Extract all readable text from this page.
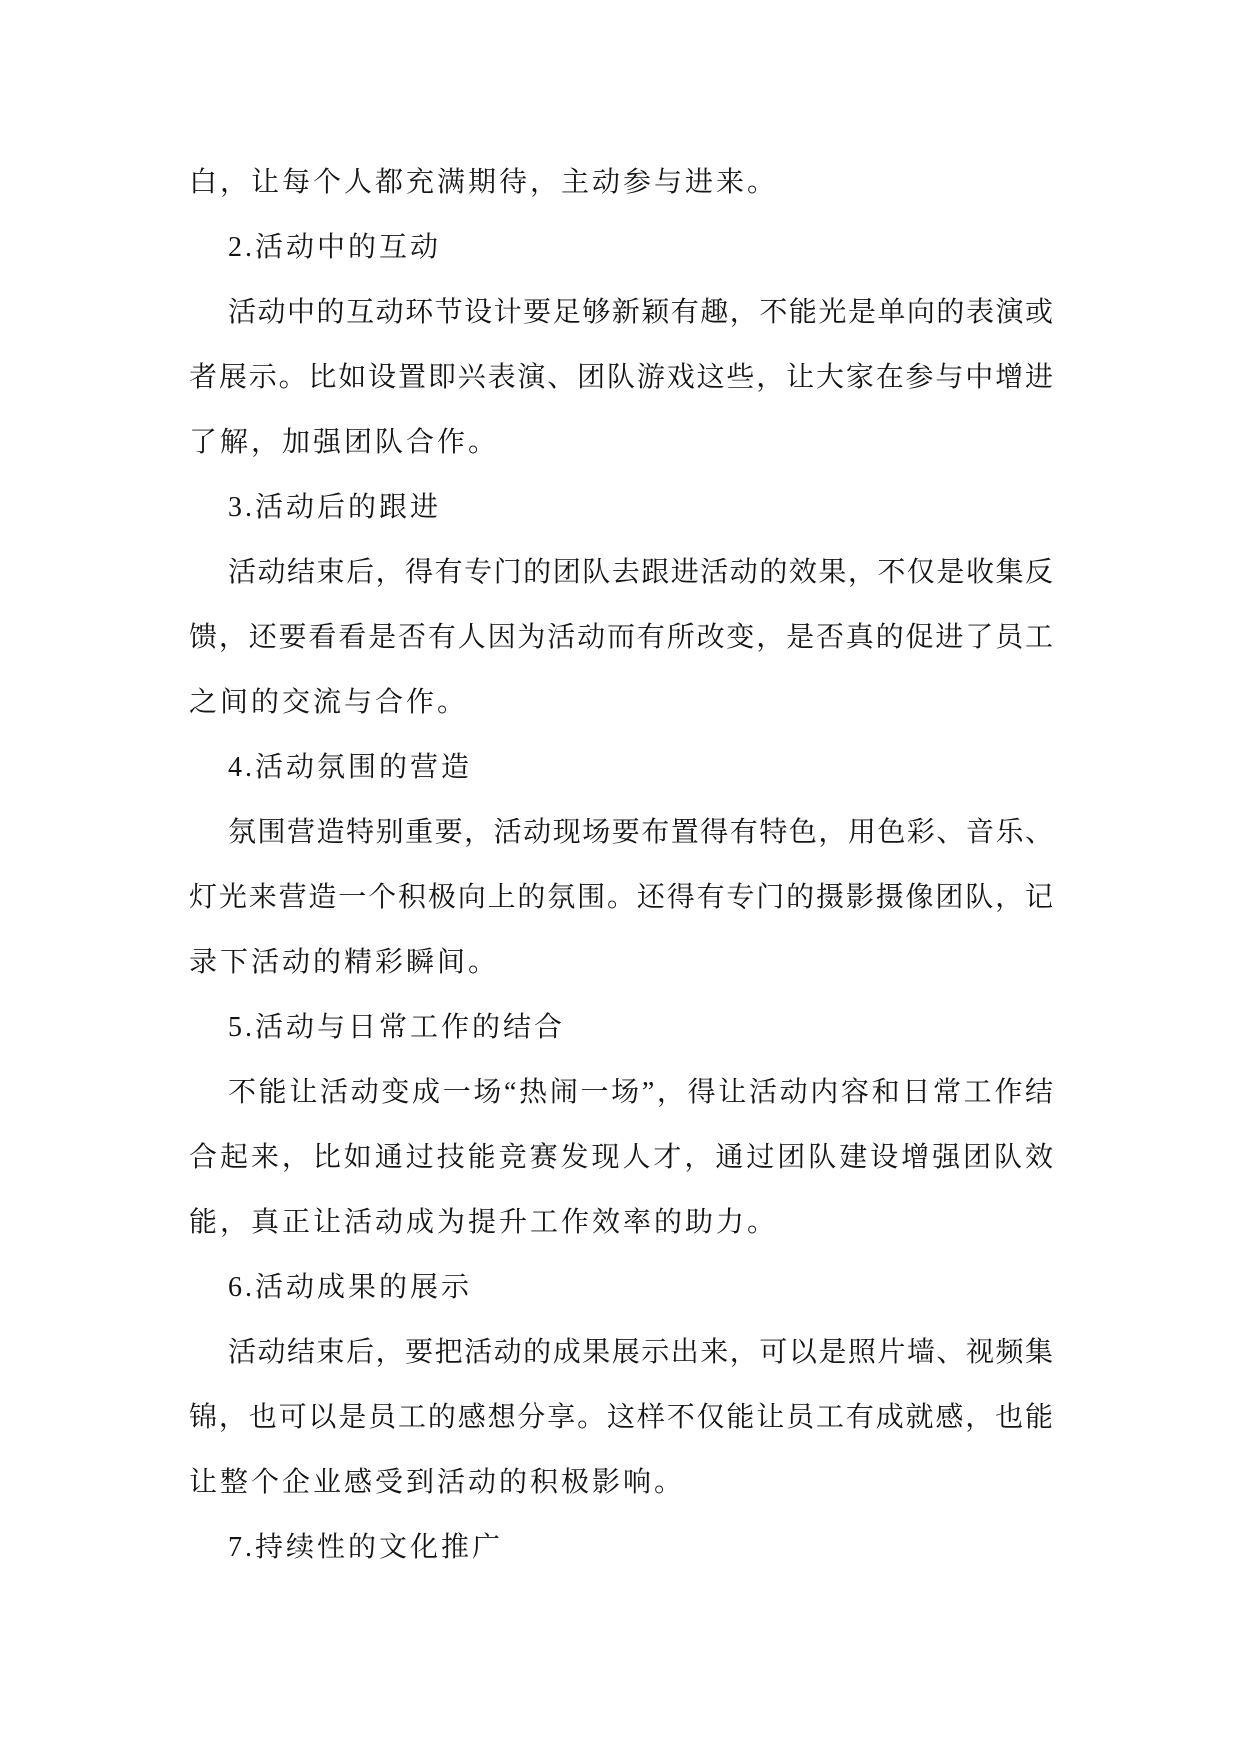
白，让每个人都充满期待，主动参与进来。
2.活动中的互动
活动中的互动环节设计要足够新颖有趣，不能光是单向的表演或
者展示。比如设置即兴表演、团队游戏这些，让大家在参与中增进
了解，加强团队合作。
3.活动后的跟进
活动结束后，得有专门的团队去跟进活动的效果，不仅是收集反
馈，还要看看是否有人因为活动而有所改变，是否真的促进了员工
之间的交流与合作。
4.活动氛围的营造
氛围营造特别重要，活动现场要布置得有特色，用色彩、音乐、
灯光来营造一个积极向上的氛围。还得有专门的摄影摄像团队，记
录下活动的精彩瞬间。
5.活动与日常工作的结合
不能让活动变成一场“热闹一场”，得让活动内容和日常工作结
合起来，比如通过技能竞赛发现人才，通过团队建设增强团队效
能，真正让活动成为提升工作效率的助力。
6.活动成果的展示
活动结束后，要把活动的成果展示出来，可以是照片墙、视频集
锦，也可以是员工的感想分享。这样不仅能让员工有成就感，也能
让整个企业感受到活动的积极影响。
7.持续性的文化推广
